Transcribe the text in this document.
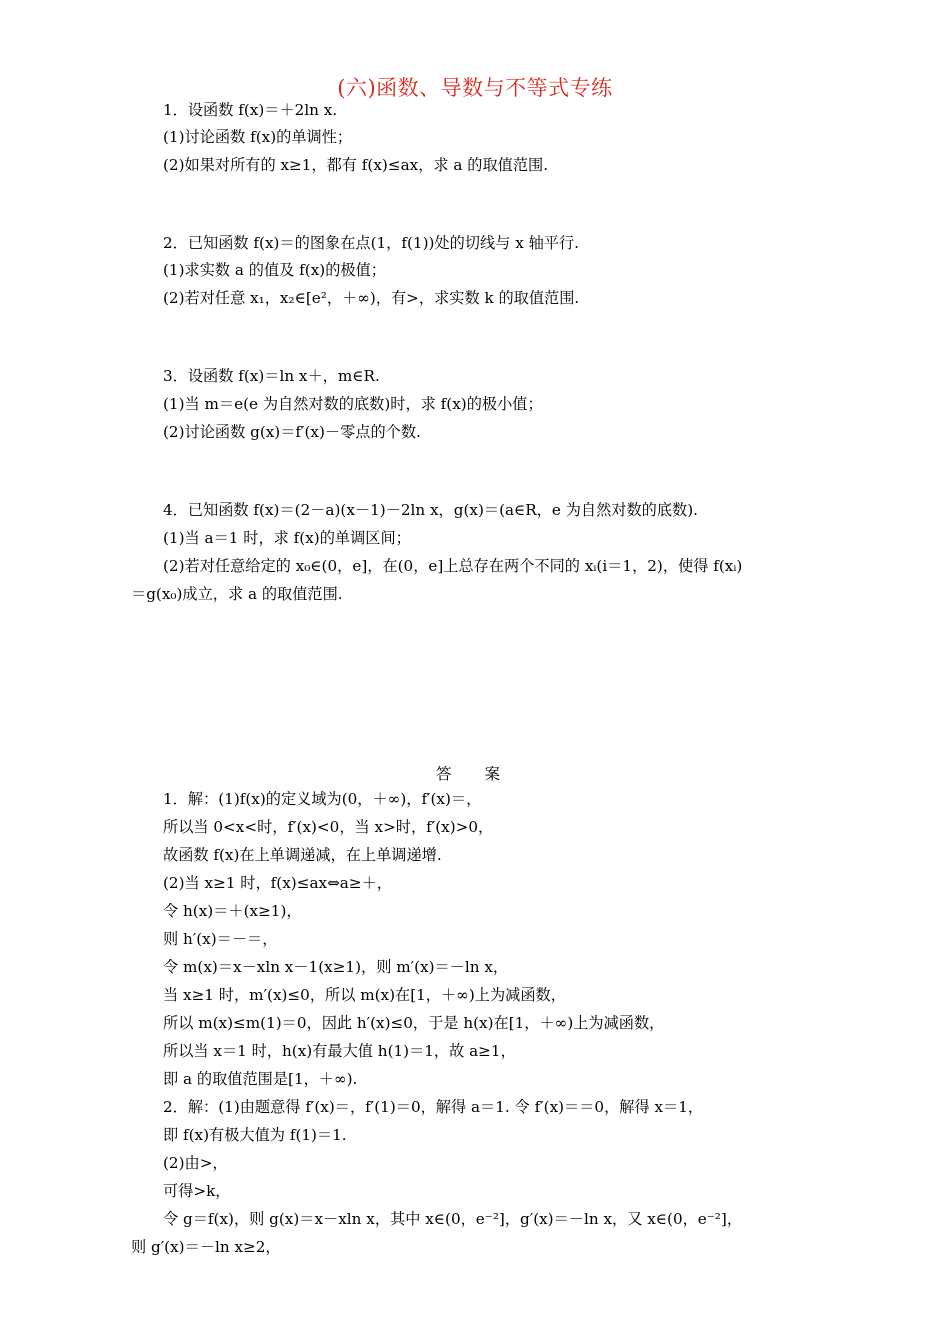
(六)函数、导数与不等式专练
1．设函数 f(x)＝＋2ln x.
(1)讨论函数 f(x)的单调性；
(2)如果对所有的 x≥1，都有 f(x)≤ax，求 a 的取值范围.
2．已知函数 f(x)＝的图象在点(1，f(1))处的切线与 x 轴平行.
(1)求实数 a 的值及 f(x)的极值；
(2)若对任意 x₁，x₂∈[e²，＋∞)，有>，求实数 k 的取值范围.
3．设函数 f(x)＝ln x＋，m∈R.
(1)当 m＝e(e 为自然对数的底数)时，求 f(x)的极小值；
(2)讨论函数 g(x)＝f′(x)－零点的个数.
4．已知函数 f(x)＝(2－a)(x－1)－2ln x，g(x)＝(a∈R，e 为自然对数的底数).
(1)当 a＝1 时，求 f(x)的单调区间；
(2)若对任意给定的 x₀∈(0，e]，在(0，e]上总存在两个不同的 xᵢ(i＝1，2)，使得 f(xᵢ)
＝g(x₀)成立，求 a 的取值范围.
答 案
1．解：(1)f(x)的定义域为(0，＋∞)，f′(x)＝，
所以当 0<x<时，f′(x)<0，当 x>时，f′(x)>0，
故函数 f(x)在上单调递减，在上单调递增.
(2)当 x≥1 时，f(x)≤ax⇔a≥＋，
令 h(x)＝＋(x≥1)，
则 h′(x)＝－＝，
令 m(x)＝x－xln x－1(x≥1)，则 m′(x)＝－ln x，
当 x≥1 时，m′(x)≤0，所以 m(x)在[1，＋∞)上为减函数，
所以 m(x)≤m(1)＝0，因此 h′(x)≤0，于是 h(x)在[1，＋∞)上为减函数，
所以当 x＝1 时，h(x)有最大值 h(1)＝1，故 a≥1，
即 a 的取值范围是[1，＋∞).
2．解：(1)由题意得 f′(x)＝，f′(1)＝0，解得 a＝1. 令 f′(x)＝＝0，解得 x＝1，
即 f(x)有极大值为 f(1)＝1.
(2)由>，
可得>k，
令 g＝f(x)，则 g(x)＝x－xln x，其中 x∈(0，e⁻²]，g′(x)＝－ln x，又 x∈(0，e⁻²]，
则 g′(x)＝－ln x≥2，
